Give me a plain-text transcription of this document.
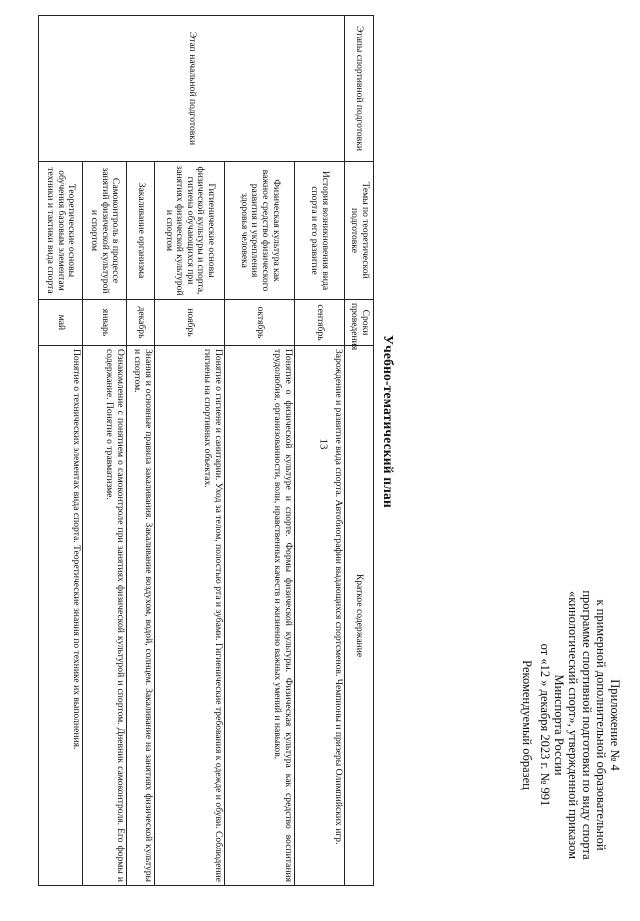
13
Приложение № 4
к примерной дополнительной образовательной
программе спортивной подготовки по виду спорта
«кинологический спорт», утвержденной приказом
Минспорта России
от «12 » декабря 2023 г. № 991
Рекомендуемый образец
Учебно-тематический план
Этапы спортивной подготовки	Темы по теоретической подготовке	Сроки проведения	Краткое содержание
Этап начальной подготовки	История возникновения вида спорта и его развитие	сентябрь	Зарождение и развитие вида спорта. Автобиографии выдающихся спортсменов. Чемпионы и призеры Олимпийских игр.
	Физическая культура как важное средство физического развития и укрепления здоровья человека	октябрь	Понятие о физической культуре и спорте. Формы физической культуры. Физическая культура как средство воспитания трудолюбия, организованности, воли, нравственных качеств и жизненно важных умений и навыков.
	Гигиенические основы физической культуры и спорта, гигиена обучающихся при занятиях физической культурой и спортом	ноябрь	Понятие о гигиене и санитарии. Уход за телом, полостью рта и зубами. Гигиенические требования к одежде и обуви. Соблюдение гигиены на спортивных объектах.
	Закаливание организма	декабрь	Знания и основные правила закаливания. Закаливание воздухом, водой, солнцем. Закаливание на занятиях физической культуры и спортом.
	Самоконтроль в процессе занятий физической культурой и спортом	январь	Ознакомление с понятием о самоконтроле при занятиях физической культурой и спортом. Дневник самоконтроля. Его формы и содержание. Понятие о травматизме.
	Теоретические основы обучения базовым элементам техники и тактики вида спорта	май	Понятие о технических элементах вида спорта. Теоретические знания по технике их выполнения.
